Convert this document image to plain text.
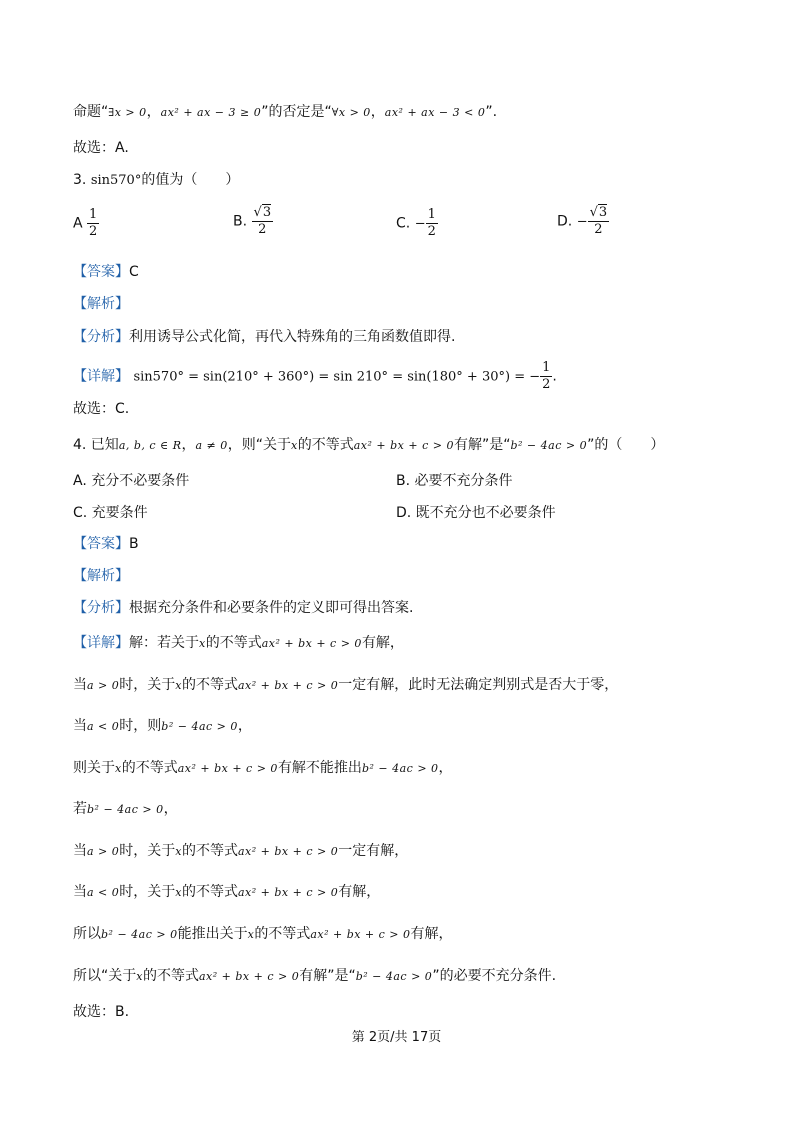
命题“∃x > 0，ax² + ax − 3 ≥ 0”的否定是“∀x > 0，ax² + ax − 3 < 0”.
故选：A.
3. sin570°的值为（　　）
A $\frac{1}{2}$	B. $\frac{√3}{2}$	C. − $\frac{1}{2}$	D. − $\frac{√3}{2}$
【答案】C
【解析】
【分析】利用诱导公式化简，再代入特殊角的三角函数值即得.
【详解】 sin570° = sin(210° + 360°) = sin 210° = sin(180° + 30°) = − $\frac{1}{2}$ .
故选：C.
4. 已知a, b, c ∈ R，a ≠ 0，则“关于x的不等式ax² + bx + c > 0有解”是“b² − 4ac > 0”的（　　）
A. 充分不必要条件	B. 必要不充分条件
C. 充要条件	D. 既不充分也不必要条件
【答案】B
【解析】
【分析】根据充分条件和必要条件的定义即可得出答案.
【详解】解：若关于x的不等式ax² + bx + c > 0有解，
当a > 0时，关于x的不等式ax² + bx + c > 0一定有解，此时无法确定判别式是否大于零，
当a < 0时，则b² − 4ac > 0，
则关于x的不等式ax² + bx + c > 0有解不能推出b² − 4ac > 0，
若b² − 4ac > 0，
当a > 0时，关于x的不等式ax² + bx + c > 0一定有解，
当a < 0时，关于x的不等式ax² + bx + c > 0有解，
所以b² − 4ac > 0能推出关于x的不等式ax² + bx + c > 0有解，
所以“关于x的不等式ax² + bx + c > 0有解”是“b² − 4ac > 0”的必要不充分条件.
故选：B.
第 2页/共 17页
